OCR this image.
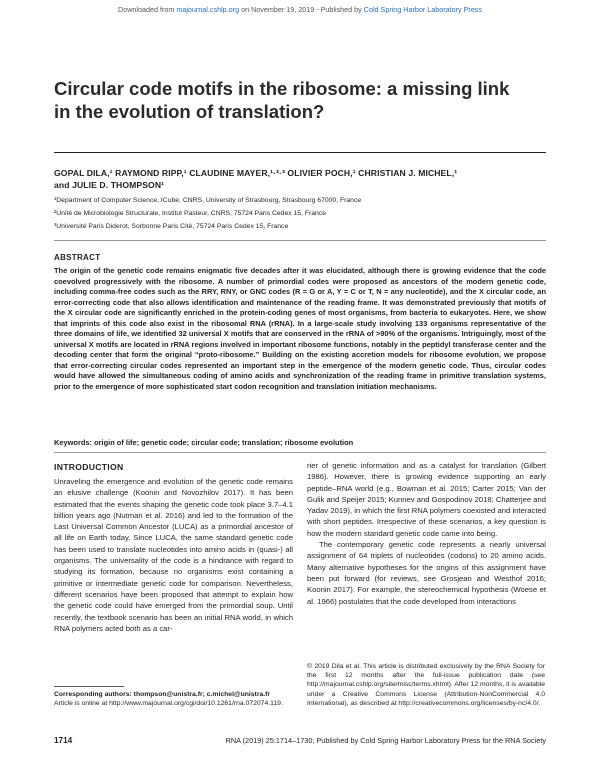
Downloaded from majournal.cshlp.org on November 19, 2019 - Published by Cold Spring Harbor Laboratory Press
Circular code motifs in the ribosome: a missing link
in the evolution of translation?
GOPAL DILA,¹ RAYMOND RIPP,¹ CLAUDINE MAYER,¹·²·³ OLIVIER POCH,¹ CHRISTIAN J. MICHEL,¹
and JULIE D. THOMPSON¹
¹Department of Computer Science, ICube, CNRS, University of Strasbourg, Strasbourg 67000, France
²Unité de Microbiologie Structurale, Institut Pasteur, CNRS, 75724 Paris Cedex 15, France
³Université Paris Diderot, Sorbonne Paris Cité, 75724 Paris Cedex 15, France
ABSTRACT
The origin of the genetic code remains enigmatic five decades after it was elucidated, although there is growing evidence that the code coevolved progressively with the ribosome. A number of primordial codes were proposed as ancestors of the modern genetic code, including comma-free codes such as the RRY, RNY, or GNC codes (R = G or A, Y = C or T, N = any nucleotide), and the X circular code, an error-correcting code that also allows identification and maintenance of the reading frame. It was demonstrated previously that motifs of the X circular code are significantly enriched in the protein-coding genes of most organisms, from bacteria to eukaryotes. Here, we show that imprints of this code also exist in the ribosomal RNA (rRNA). In a large-scale study involving 133 organisms representative of the three domains of life, we identified 32 universal X motifs that are conserved in the rRNA of >90% of the organisms. Intriguingly, most of the universal X motifs are located in rRNA regions involved in important ribosome functions, notably in the peptidyl transferase center and the decoding center that form the original “proto-ribosome.” Building on the existing accretion models for ribosome evolution, we propose that error-correcting circular codes represented an important step in the emergence of the modern genetic code. Thus, circular codes would have allowed the simultaneous coding of amino acids and synchronization of the reading frame in primitive translation systems, prior to the emergence of more sophisticated start codon recognition and translation initiation mechanisms.
Keywords: origin of life; genetic code; circular code; translation; ribosome evolution
INTRODUCTION

Unraveling the emergence and evolution of the genetic code remains an elusive challenge (Koonin and Novozhilov 2017). It has been estimated that the events shaping the genetic code took place 3.7–4.1 billion years ago (Nutman et al. 2016) and led to the formation of the Last Universal Common Ancestor (LUCA) as a primordial ancestor of all life on Earth today. Since LUCA, the same standard genetic code has been used to translate nucleotides into amino acids in (quasi-) all organisms. The universality of the code is a hindrance with regard to studying its formation, because no organisms exist containing a primitive or intermediate genetic code for comparison. Nevertheless, different scenarios have been proposed that attempt to explain how the genetic code could have emerged from the primordial soup. Until recently, the textbook scenario has been an initial RNA world, in which RNA polymers acted both as a car-

rier of genetic information and as a catalyst for translation (Gilbert 1986). However, there is growing evidence supporting an early peptide–RNA world (e.g., Bowman et al. 2015; Carter 2015; Van der Gulik and Speijer 2015; Kunnev and Gospodinov 2018; Chatterjee and Yadav 2019), in which the first RNA polymers coexisted and interacted with short peptides. Irrespective of these scenarios, a key question is how the modern standard genetic code came into being.

The contemporary genetic code represents a nearly universal assignment of 64 triplets of nucleotides (codons) to 20 amino acids. Many alternative hypotheses for the origins of this assignment have been put forward (for reviews, see Grosjean and Westhof 2016; Koonin 2017). For example, the stereochemical hypothesis (Woese et al. 1966) postulates that the code developed from interactions

Corresponding authors: thompson@unistra.fr; c.michel@unistra.fr
Article is online at http://www.majournal.org/cgi/doi/10.1261/rna.072074.119.
© 2019 Dila et al. This article is distributed exclusively by the RNA Society for the first 12 months after the full-issue publication date (see http://majournal.cshlp.org/site/misc/terms.xhtml). After 12 months, it is available under a Creative Commons License (Attribution-NonCommercial 4.0 International), as described at http://creativecommons.org/licenses/by-nc/4.0/.
1714	RNA (2019) 25:1714–1730; Published by Cold Spring Harbor Laboratory Press for the RNA Society
